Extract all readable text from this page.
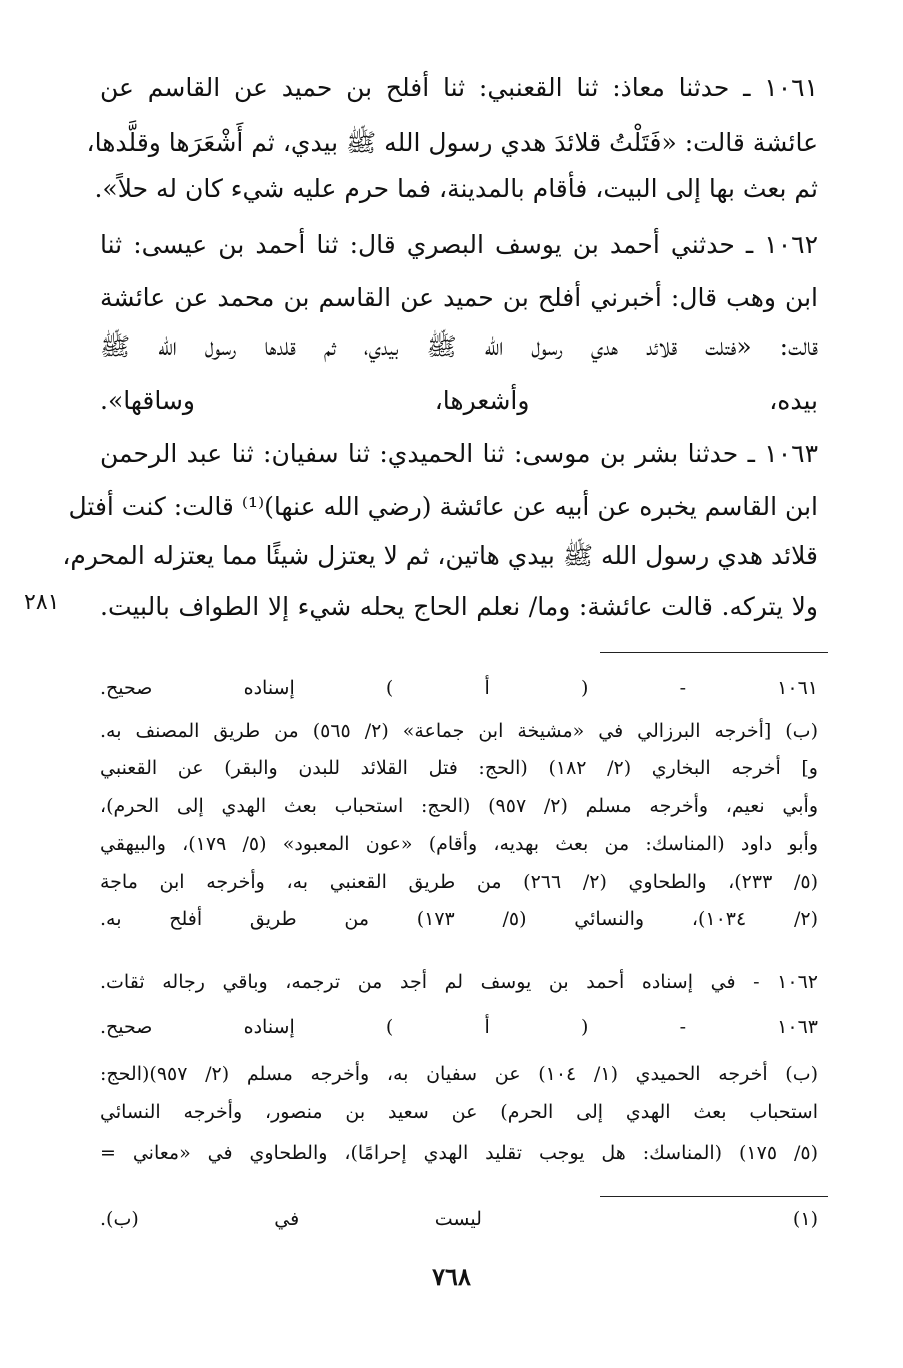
١٠٦١ ـ حدثنا معاذ: ثنا القعنبي: ثنا أفلح بن حميد عن القاسم عن
عائشة قالت: «فَتَلْتُ قلائدَ هدي رسول الله ﷺ بيدي، ثم أَشْعَرَها وقلَّدها،
ثم بعث بها إلى البيت، فأقام بالمدينة، فما حرم عليه شيء كان له حلاً».
١٠٦٢ ـ حدثني أحمد بن يوسف البصري قال: ثنا أحمد بن عيسى: ثنا
ابن وهب قال: أخبرني أفلح بن حميد عن القاسم بن محمد عن عائشة
قالت: «فتلت قلائد هدي رسول الله ﷺ بيدي، ثم قلدها رسول الله ﷺ
بيده، وأشعرها، وساقها».
١٠٦٣ ـ حدثنا بشر بن موسى: ثنا الحميدي: ثنا سفيان: ثنا عبد الرحمن
ابن القاسم يخبره عن أبيه عن عائشة (رضي الله عنها)⁽¹⁾ قالت: كنت أفتل
قلائد هدي رسول الله ﷺ بيدي هاتين، ثم لا يعتزل شيئًا مما يعتزله المحرم،
ولا يتركه. قالت عائشة: وما/ نعلم الحاج يحله شيء إلا الطواف بالبيت.
٢٨١
١٠٦١ - ( أ ) إسناده صحيح.
(ب) [أخرجه البرزالي في «مشيخة ابن جماعة» (٢/ ٥٦٥) من طريق المصنف به.
و] أخرجه البخاري (٢/ ١٨٢) (الحج: فتل القلائد للبدن والبقر) عن القعنبي
وأبي نعيم، وأخرجه مسلم (٢/ ٩٥٧) (الحج: استحباب بعث الهدي إلى الحرم)،
وأبو داود (المناسك: من بعث بهديه، وأقام) «عون المعبود» (٥/ ١٧٩)، والبيهقي
(٥/ ٢٣٣)، والطحاوي (٢/ ٢٦٦) من طريق القعنبي به، وأخرجه ابن ماجة
(٢/ ١٠٣٤)، والنسائي (٥/ ١٧٣) من طريق أفلح به.
١٠٦٢ - في إسناده أحمد بن يوسف لم أجد من ترجمه، وباقي رجاله ثقات.
١٠٦٣ - ( أ ) إسناده صحيح.
(ب) أخرجه الحميدي (١/ ١٠٤) عن سفيان به، وأخرجه مسلم (٢/ ٩٥٧)(الحج:
استحباب بعث الهدي إلى الحرم) عن سعيد بن منصور، وأخرجه النسائي
(٥/ ١٧٥) (المناسك: هل يوجب تقليد الهدي إحرامًا)، والطحاوي في «معاني =
(١)  ليست في (ب).
٧٦٨
